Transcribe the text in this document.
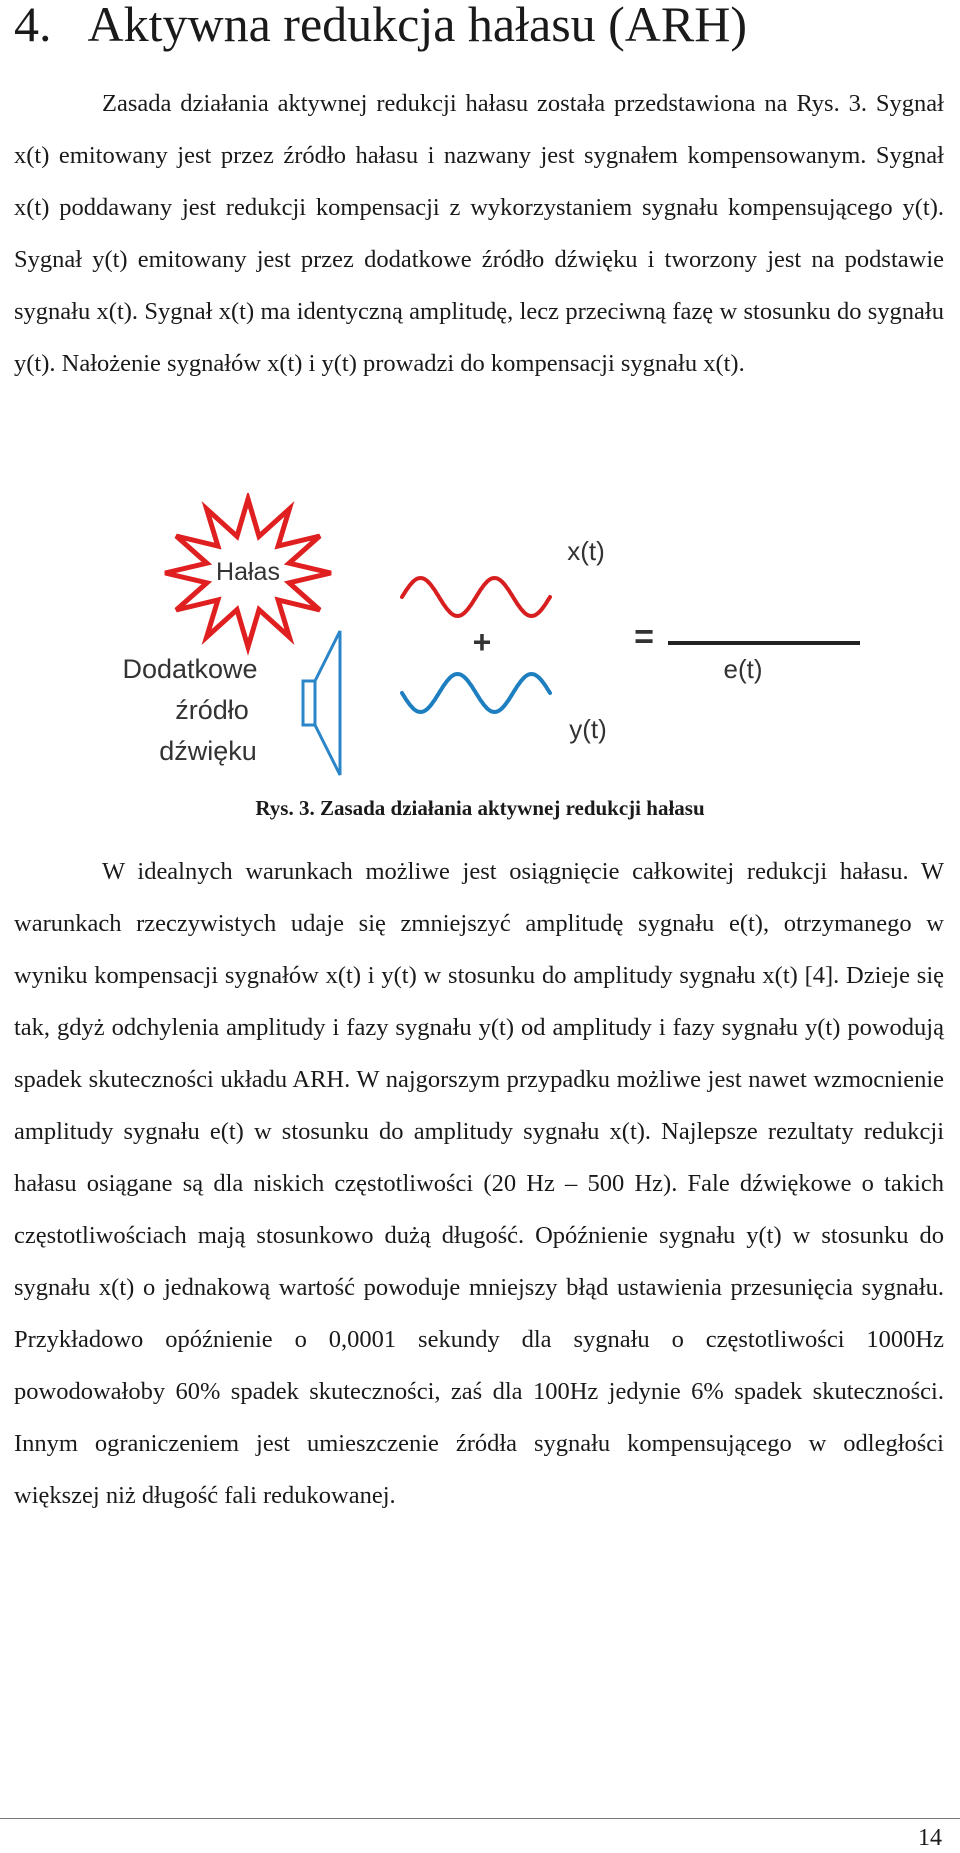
4. Aktywna redukcja hałasu (ARH)

Zasada działania aktywnej redukcji hałasu została przedstawiona na Rys. 3. Sygnał x(t) emitowany jest przez źródło hałasu i nazwany jest sygnałem kompensowanym. Sygnał x(t) poddawany jest redukcji kompensacji z wykorzystaniem sygnału kompensującego y(t). Sygnał y(t) emitowany jest przez dodatkowe źródło dźwięku i tworzony jest na podstawie sygnału x(t). Sygnał x(t) ma identyczną amplitudę, lecz przeciwną fazę w stosunku do sygnału y(t). Nałożenie sygnałów x(t) i y(t) prowadzi do kompensacji sygnału x(t).

Hałas
Dodatkowe
źródło
dźwięku
x(t)
y(t)
+	=
e(t)

Rys. 3. Zasada działania aktywnej redukcji hałasu

W idealnych warunkach możliwe jest osiągnięcie całkowitej redukcji hałasu. W warunkach rzeczywistych udaje się zmniejszyć amplitudę sygnału e(t), otrzymanego w wyniku kompensacji sygnałów x(t) i y(t) w stosunku do amplitudy sygnału x(t) [4]. Dzieje się tak, gdyż odchylenia amplitudy i fazy sygnału y(t) od amplitudy i fazy sygnału y(t) powodują spadek skuteczności układu ARH. W najgorszym przypadku możliwe jest nawet wzmocnienie amplitudy sygnału e(t) w stosunku do amplitudy sygnału x(t). Najlepsze rezultaty redukcji hałasu osiągane są dla niskich częstotliwości (20 Hz – 500 Hz). Fale dźwiękowe o takich częstotliwościach mają stosunkowo dużą długość. Opóźnienie sygnału y(t) w stosunku do sygnału x(t) o jednakową wartość powoduje mniejszy błąd ustawienia przesunięcia sygnału. Przykładowo opóźnienie o 0,0001 sekundy dla sygnału o częstotliwości 1000Hz powodowałoby 60% spadek skuteczności, zaś dla 100Hz jedynie 6% spadek skuteczności. Innym ograniczeniem jest umieszczenie źródła sygnału kompensującego w odległości większej niż długość fali redukowanej.

14
